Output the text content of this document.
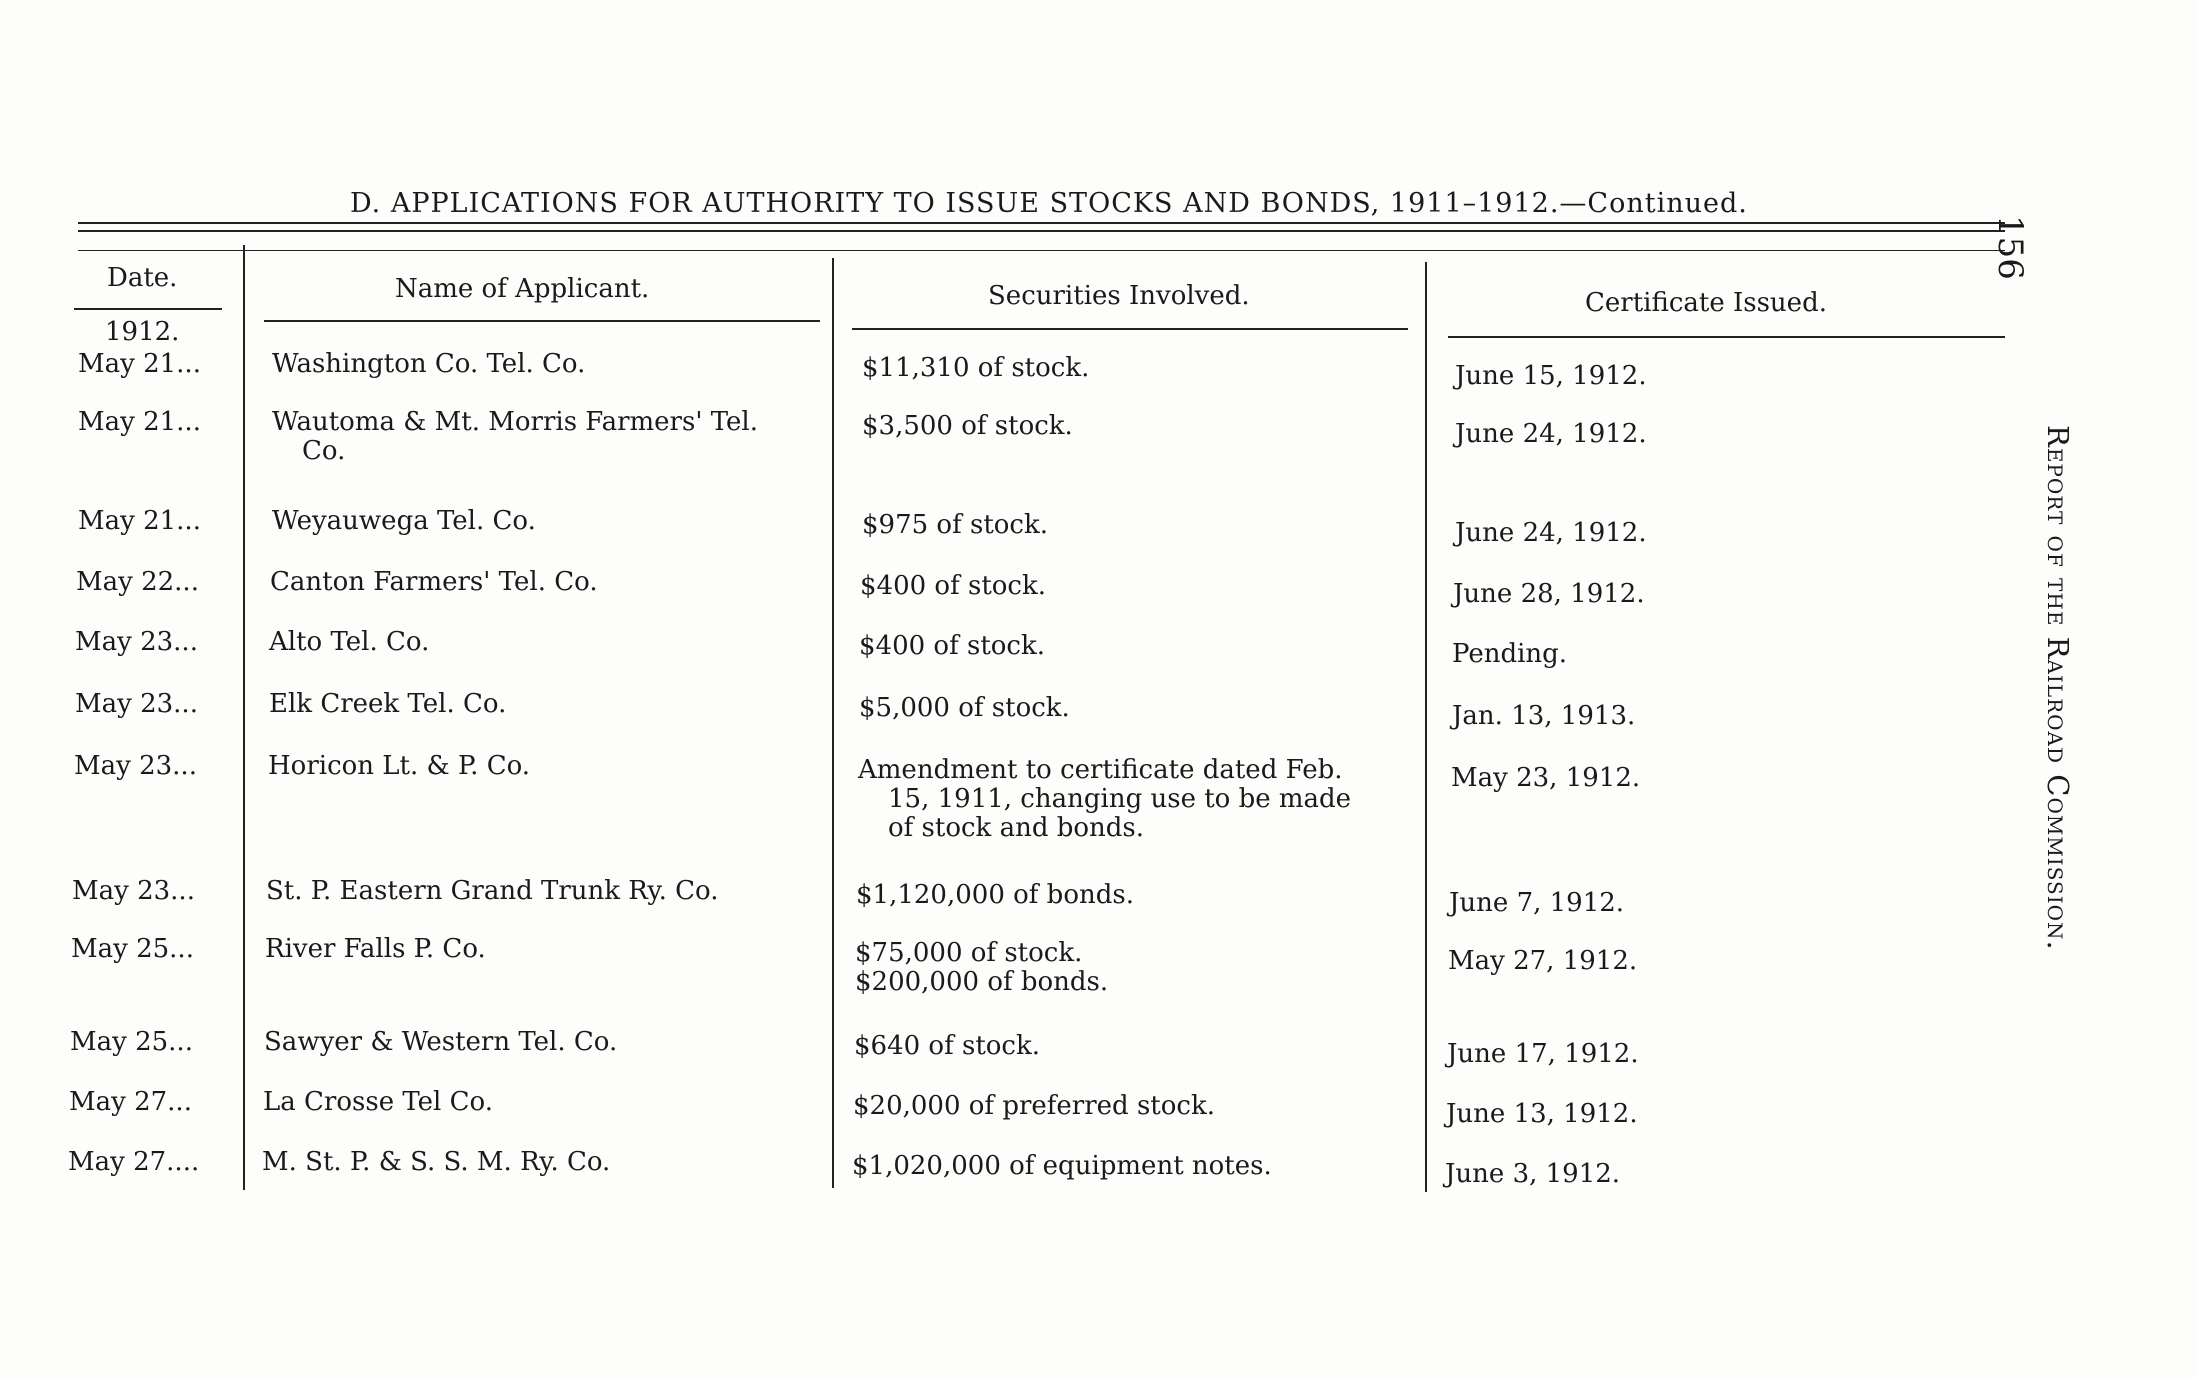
D. APPLICATIONS FOR AUTHORITY TO ISSUE STOCKS AND BONDS, 1911–1912.—Continued.
156
Report of the Railroad Commission.
Date.	Name of Applicant.	Securities Involved.	Certificate Issued.
1912.
May 21...	Washington Co. Tel. Co.	$11,310 of stock.	June 15, 1912.
May 21...	Wautoma & Mt. Morris Farmers' Tel.
Co.
$3,500 of stock.	June 24, 1912.
May 21...	Weyauwega Tel. Co.	$975 of stock.	June 24, 1912.
May 22...	Canton Farmers' Tel. Co.	$400 of stock.	June 28, 1912.
May 23...	Alto Tel. Co.	$400 of stock.	Pending.
May 23...	Elk Creek Tel. Co.	$5,000 of stock.	Jan. 13, 1913.
May 23...	Horicon Lt. & P. Co.	Amendment to certificate dated Feb.
15, 1911, changing use to be made
of stock and bonds.
May 23, 1912.
May 23...	St. P. Eastern Grand Trunk Ry. Co.	$1,120,000 of bonds.	June 7, 1912.
May 25...	River Falls P. Co.	$75,000 of stock.
$200,000 of bonds.
May 27, 1912.
May 25...	Sawyer & Western Tel. Co.	$640 of stock.	June 17, 1912.
May 27...	La Crosse Tel Co.	$20,000 of preferred stock.	June 13, 1912.
May 27.... M. St. P. & S. S. M. Ry. Co.	$1,020,000 of equipment notes.	June 3, 1912.
